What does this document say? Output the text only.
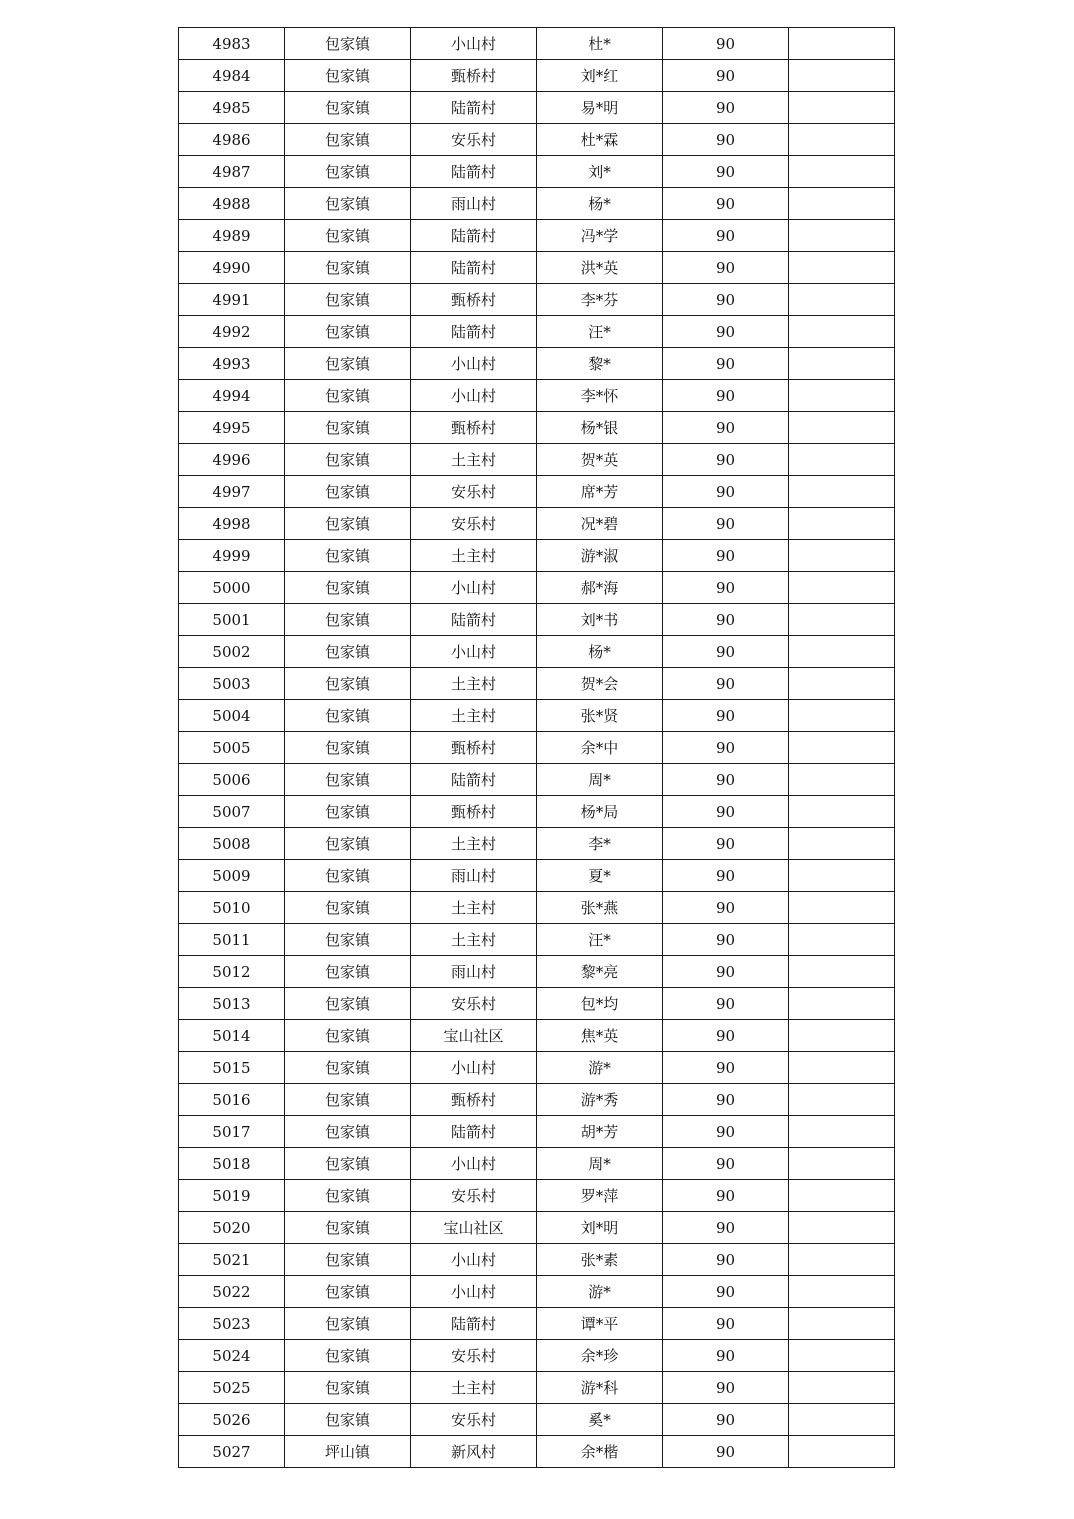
4983	包家镇	小山村	杜*	90	
4984	包家镇	甄桥村	刘*红	90	
4985	包家镇	陆箭村	易*明	90	
4986	包家镇	安乐村	杜*霖	90	
4987	包家镇	陆箭村	刘*	90	
4988	包家镇	雨山村	杨*	90	
4989	包家镇	陆箭村	冯*学	90	
4990	包家镇	陆箭村	洪*英	90	
4991	包家镇	甄桥村	李*芬	90	
4992	包家镇	陆箭村	汪*	90	
4993	包家镇	小山村	黎*	90	
4994	包家镇	小山村	李*怀	90	
4995	包家镇	甄桥村	杨*银	90	
4996	包家镇	土主村	贺*英	90	
4997	包家镇	安乐村	席*芳	90	
4998	包家镇	安乐村	况*碧	90	
4999	包家镇	土主村	游*淑	90	
5000	包家镇	小山村	郝*海	90	
5001	包家镇	陆箭村	刘*书	90	
5002	包家镇	小山村	杨*	90	
5003	包家镇	土主村	贺*会	90	
5004	包家镇	土主村	张*贤	90	
5005	包家镇	甄桥村	余*中	90	
5006	包家镇	陆箭村	周*	90	
5007	包家镇	甄桥村	杨*局	90	
5008	包家镇	土主村	李*	90	
5009	包家镇	雨山村	夏*	90	
5010	包家镇	土主村	张*燕	90	
5011	包家镇	土主村	汪*	90	
5012	包家镇	雨山村	黎*亮	90	
5013	包家镇	安乐村	包*均	90	
5014	包家镇	宝山社区	焦*英	90	
5015	包家镇	小山村	游*	90	
5016	包家镇	甄桥村	游*秀	90	
5017	包家镇	陆箭村	胡*芳	90	
5018	包家镇	小山村	周*	90	
5019	包家镇	安乐村	罗*萍	90	
5020	包家镇	宝山社区	刘*明	90	
5021	包家镇	小山村	张*素	90	
5022	包家镇	小山村	游*	90	
5023	包家镇	陆箭村	谭*平	90	
5024	包家镇	安乐村	余*珍	90	
5025	包家镇	土主村	游*科	90	
5026	包家镇	安乐村	奚*	90	
5027	坪山镇	新风村	余*楷	90	
